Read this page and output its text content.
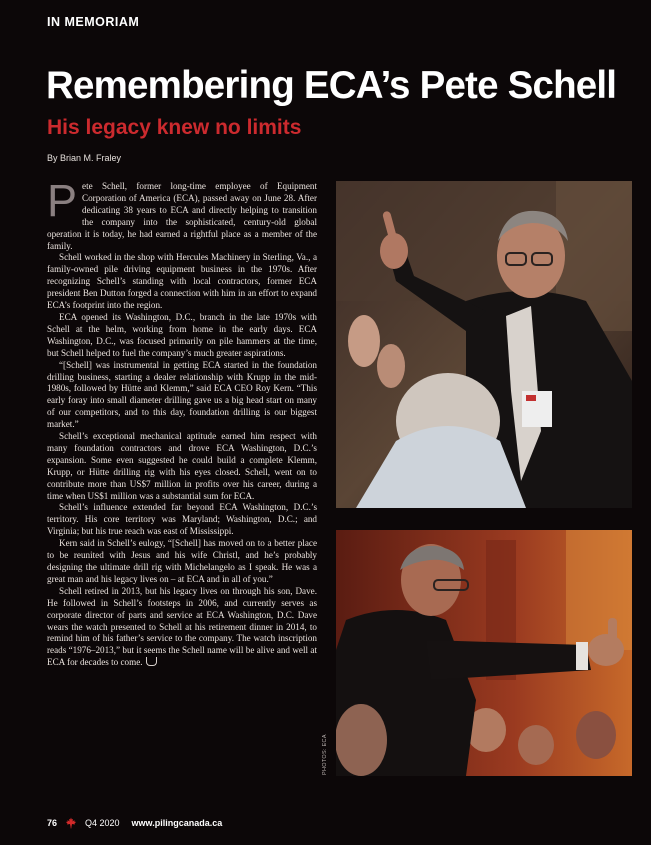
IN MEMORIAM
Remembering ECA’s Pete Schell
His legacy knew no limits
By Brian M. Fraley

Pete Schell, former long-time employee of Equipment Corporation of America (ECA), passed away on June 28. After dedicating 38 years to ECA and directly helping to transition the company into the sophisticated, century-old global operation it is today, he had earned a rightful place as a member of the family.

Schell worked in the shop with Hercules Machinery in Sterling, Va., a family-owned pile driving equipment business in the 1970s. After recognizing Schell’s standing with local contractors, former ECA president Ben Dutton forged a connection with him in an effort to expand ECA’s footprint into the region.

ECA opened its Washington, D.C., branch in the late 1970s with Schell at the helm, working from home in the early days. ECA Washington, D.C., was focused primarily on pile hammers at the time, but Schell helped to fuel the company’s much greater aspirations.

“[Schell] was instrumental in getting ECA started in the foundation drilling business, starting a dealer relationship with Krupp in the mid-1980s, followed by Hütte and Klemm,” said ECA CEO Roy Kern. “This early foray into small diameter drilling gave us a big head start on many of our competitors, and to this day, foundation drilling is our biggest market.”

Schell’s exceptional mechanical aptitude earned him respect with many foundation contractors and drove ECA Washington, D.C.’s expansion. Some even suggested he could build a complete Klemm, Krupp, or Hütte drilling rig with his eyes closed. Schell, went on to contribute more than US$7 million in profits over his career, during a time when US$1 million was a substantial sum for ECA.

Schell’s influence extended far beyond ECA Washington, D.C.’s territory. His core territory was Maryland; Washington, D.C.; and Virginia; but his true reach was east of Mississippi.

Kern said in Schell’s eulogy, “[Schell] has moved on to a better place to be reunited with Jesus and his wife Christl, and he’s probably designing the ultimate drill rig with Michelangelo as I speak. He was a great man and his legacy lives on – at ECA and in all of you.”

Schell retired in 2013, but his legacy lives on through his son, Dave. He followed in Schell’s footsteps in 2006, and currently serves as corporate director of parts and service at ECA Washington, D.C. Dave wears the watch presented to Schell at his retirement dinner in 2014, to remind him of his father’s service to the company. The watch inscription reads “1976–2013,” but it seems the Schell name will be alive and well at ECA for decades to come.

PHOTOS: ECA
76	Q4 2020 www.pilingcanada.ca
